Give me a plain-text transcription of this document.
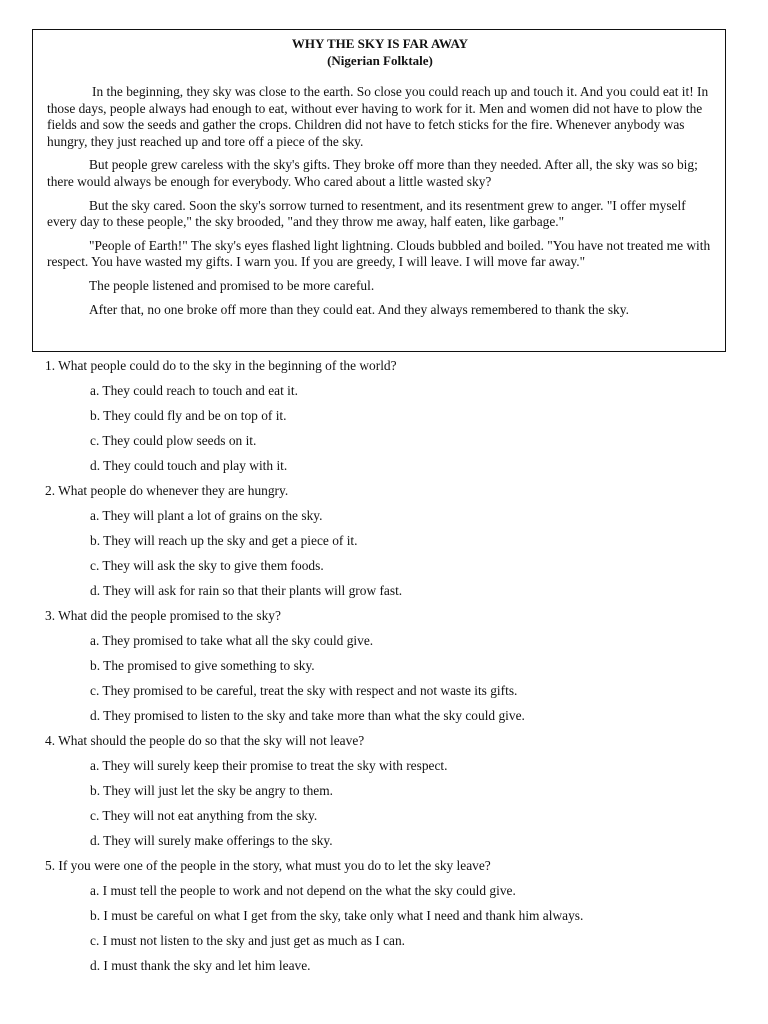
WHY THE SKY IS FAR AWAY
(Nigerian Folktale)

In the beginning, they sky was close to the earth. So close you could reach up and touch it. And you could eat it! In those days, people always had enough to eat, without ever having to work for it. Men and women did not have to plow the fields and sow the seeds and gather the crops. Children did not have to fetch sticks for the fire. Whenever anybody was hungry, they just reached up and tore off a piece of the sky.

But people grew careless with the sky's gifts. They broke off more than they needed. After all, the sky was so big; there would always be enough for everybody. Who cared about a little wasted sky?

But the sky cared. Soon the sky's sorrow turned to resentment, and its resentment grew to anger. "I offer myself every day to these people," the sky brooded, "and they throw me away, half eaten, like garbage."

"People of Earth!" The sky's eyes flashed light lightning. Clouds bubbled and boiled. "You have not treated me with respect. You have wasted my gifts. I warn you. If you are greedy, I will leave. I will move far away."

The people listened and promised to be more careful.

After that, no one broke off more than they could eat. And they always remembered to thank the sky.

1. What people could do to the sky in the beginning of the world?
a. They could reach to touch and eat it.
b. They could fly and be on top of it.
c. They could plow seeds on it.
d. They could touch and play with it.
2. What people do whenever they are hungry.
a. They will plant a lot of grains on the sky.
b. They will reach up the sky and get a piece of it.
c. They will ask the sky to give them foods.
d. They will ask for rain so that their plants will grow fast.
3. What did the people promised to the sky?
a. They promised to take what all the sky could give.
b. The promised to give something to sky.
c. They promised to be careful, treat the sky with respect and not waste its gifts.
d. They promised to listen to the sky and take more than what the sky could give.
4. What should the people do so that the sky will not leave?
a. They will surely keep their promise to treat the sky with respect.
b. They will just let the sky be angry to them.
c. They will not eat anything from the sky.
d. They will surely make offerings to the sky.
5. If you were one of the people in the story, what must you do to let the sky leave?
a. I must tell the people to work and not depend on the what the sky could give.
b. I must be careful on what I get from the sky, take only what I need and thank him always.
c. I must not listen to the sky and just get as much as I can.
d. I must thank the sky and let him leave.
